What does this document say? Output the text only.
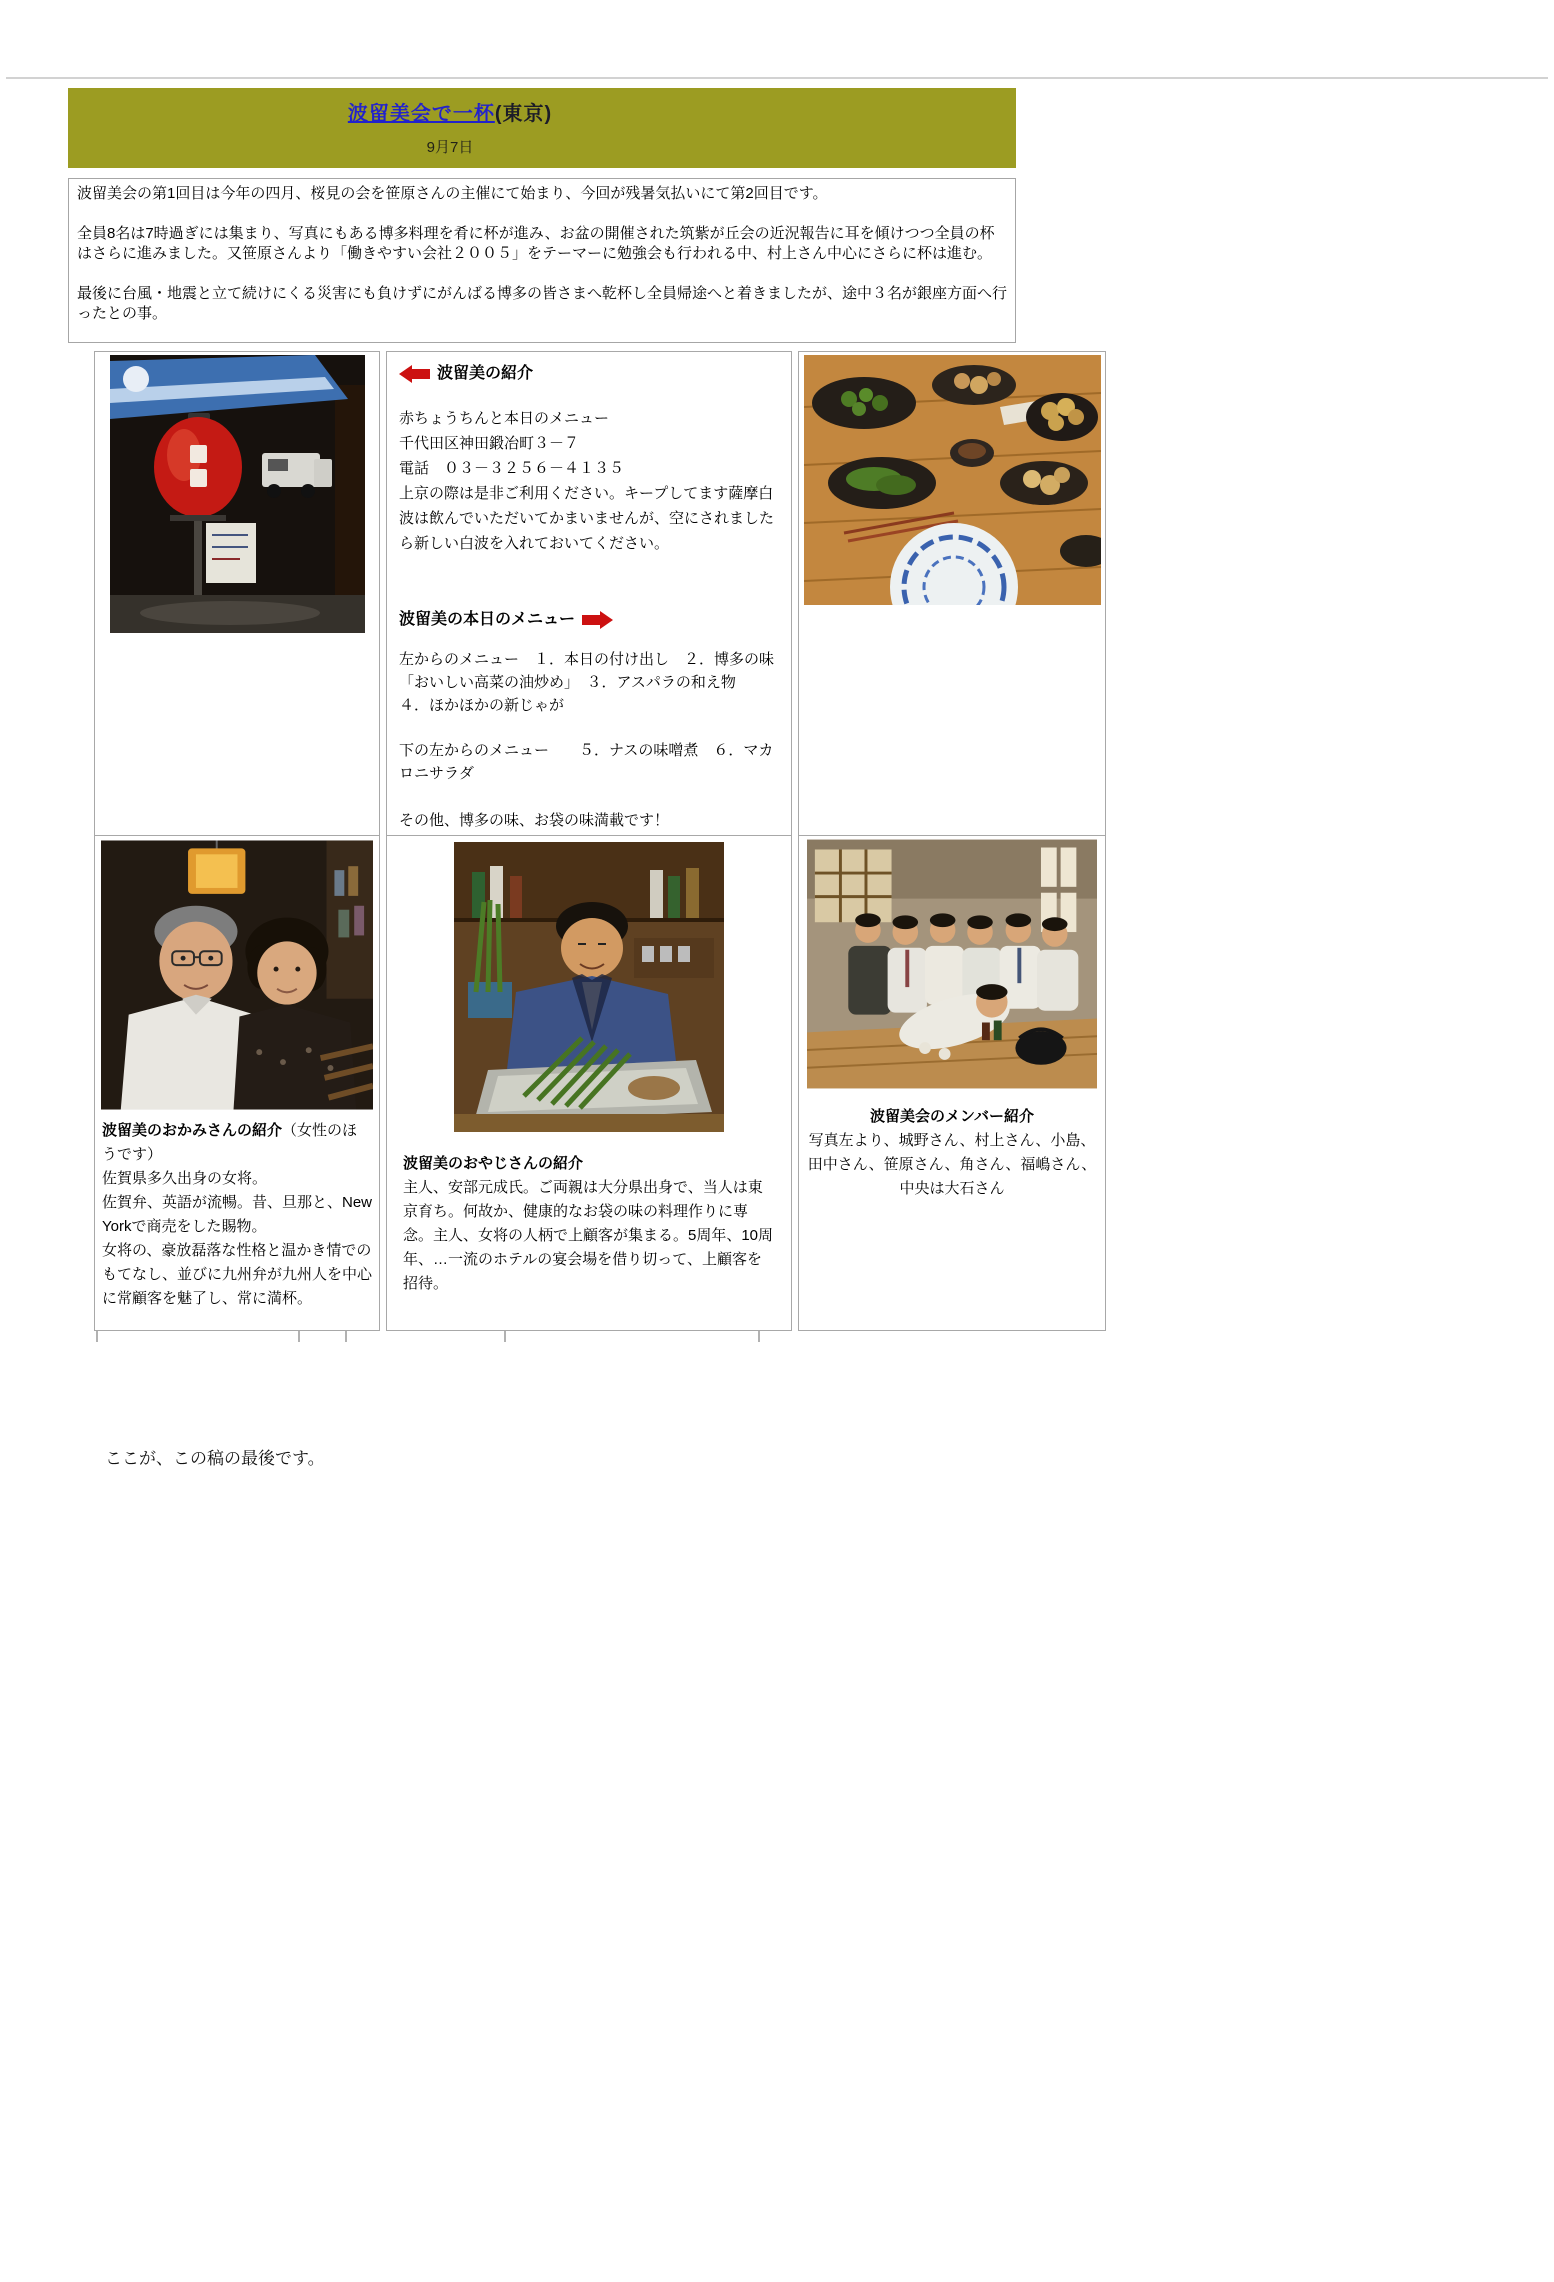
波留美会で一杯(東京)
9月7日

波留美会の第1回目は今年の四月、桜見の会を笹原さんの主催にて始まり、今回が残暑気払いにて第2回目です。

全員8名は7時過ぎには集まり、写真にもある博多料理を肴に杯が進み、お盆の開催された筑紫が丘会の近況報告に耳を傾けつつ全員の杯はさらに進みました。又笹原さんより「働きやすい会社２００５」をテーマーに勉強会も行われる中、村上さん中心にさらに杯は進む。

最後に台風・地震と立て続けにくる災害にも負けずにがんばる博多の皆さまへ乾杯し全員帰途へと着きましたが、途中３名が銀座方面へ行ったとの事。

波留美の紹介
赤ちょうちんと本日のメニュー
千代田区神田鍛冶町３－７
電話　０３－３２５６－４１３５
上京の際は是非ご利用ください。キープしてます薩摩白波は飲んでいただいてかまいませんが、空にされましたら新しい白波を入れておいてください。
波留美の本日のメニュー
左からのメニュー　１．本日の付け出し　２．博多の味「おいしい高菜の油炒め」　３．アスパラの和え物　４．ほかほかの新じゃが
下の左からのメニュー　　５．ナスの味噌煮　６．マカロニサラダ
その他、博多の味、お袋の味満載です！

波留美のおかみさんの紹介（女性のほうです）
佐賀県多久出身の女将。
佐賀弁、英語が流暢。昔、旦那と、New Yorkで商売をした賜物。
女将の、豪放磊落な性格と温かき情でのもてなし、並びに九州弁が九州人を中心に常顧客を魅了し、常に満杯。

波留美のおやじさんの紹介
主人、安部元成氏。ご両親は大分県出身で、当人は東京育ち。何故か、健康的なお袋の味の料理作りに専念。主人、女将の人柄で上顧客が集まる。5周年、10周年、…一流のホテルの宴会場を借り切って、上顧客を招待。

波留美会のメンバー紹介
写真左より、城野さん、村上さん、小島、田中さん、笹原さん、角さん、福嶋さん、中央は大石さん
ここが、この稿の最後です。
